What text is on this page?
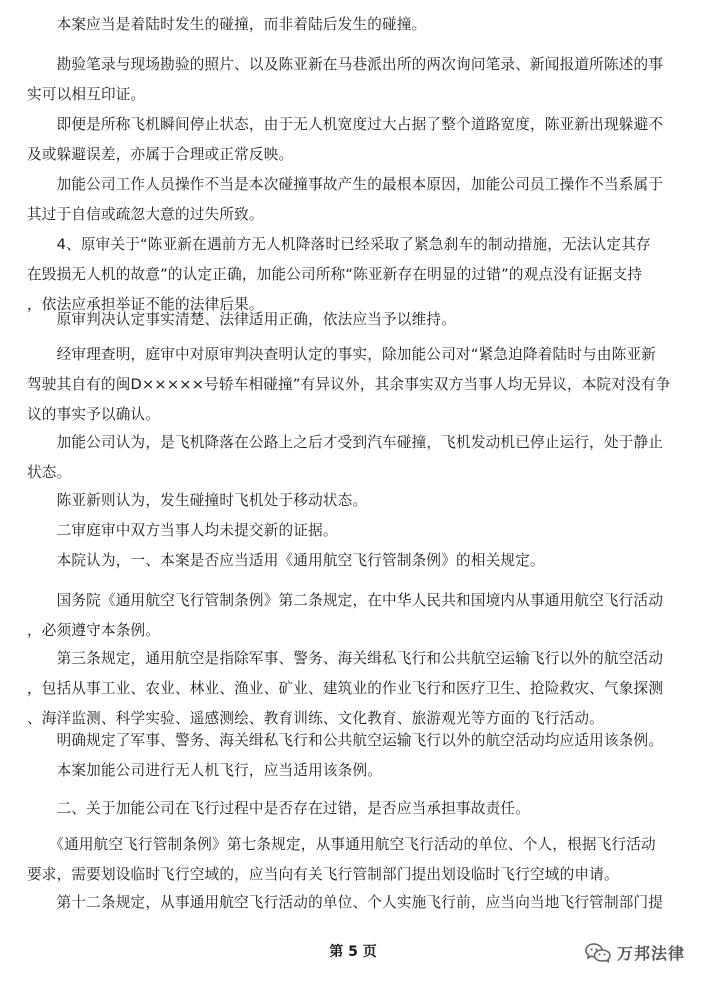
　　本案应当是着陆时发生的碰撞，而非着陆后发生的碰撞。

　　勘验笔录与现场勘验的照片、以及陈亚新在马巷派出所的两次询问笔录、新闻报道所陈述的事
实可以相互印证。

　　即便是所称飞机瞬间停止状态，由于无人机宽度过大占据了整个道路宽度，陈亚新出现躲避不
及或躲避误差，亦属于合理或正常反映。

　　加能公司工作人员操作不当是本次碰撞事故产生的最根本原因，加能公司员工操作不当系属于
其过于自信或疏忽大意的过失所致。

　　4、原审关于“陈亚新在遇前方无人机降落时已经采取了紧急刹车的制动措施，无法认定其存
在毁损无人机的故意”的认定正确，加能公司所称“陈亚新存在明显的过错”的观点没有证据支持
，依法应承担举证不能的法律后果。

　　原审判决认定事实清楚、法律适用正确，依法应当予以维持。

　　经审理查明，庭审中对原审判决查明认定的事实，除加能公司对“紧急迫降着陆时与由陈亚新
驾驶其自有的闽D×××××号轿车相碰撞”有异议外，其余事实双方当事人均无异议，本院对没有争
议的事实予以确认。

　　加能公司认为，是飞机降落在公路上之后才受到汽车碰撞，飞机发动机已停止运行，处于静止
状态。

　　陈亚新则认为，发生碰撞时飞机处于移动状态。

　　二审庭审中双方当事人均未提交新的证据。

　　本院认为，一、本案是否应当适用《通用航空飞行管制条例》的相关规定。

　　国务院《通用航空飞行管制条例》第二条规定，在中华人民共和国境内从事通用航空飞行活动
，必须遵守本条例。

　　第三条规定，通用航空是指除军事、警务、海关缉私飞行和公共航空运输飞行以外的航空活动
，包括从事工业、农业、林业、渔业、矿业、建筑业的作业飞行和医疗卫生、抢险救灾、气象探测
、海洋监测、科学实验、遥感测绘、教育训练、文化教育、旅游观光等方面的飞行活动。

　　明确规定了军事、警务、海关缉私飞行和公共航空运输飞行以外的航空活动均应适用该条例。

　　本案加能公司进行无人机飞行，应当适用该条例。

　　二、关于加能公司在飞行过程中是否存在过错，是否应当承担事故责任。

　　《通用航空飞行管制条例》第七条规定，从事通用航空飞行活动的单位、个人，根据飞行活动
要求，需要划设临时飞行空域的，应当向有关飞行管制部门提出划设临时飞行空域的申请。

　　第十二条规定，从事通用航空飞行活动的单位、个人实施飞行前，应当向当地飞行管制部门提

第 5 页	万邦法律
